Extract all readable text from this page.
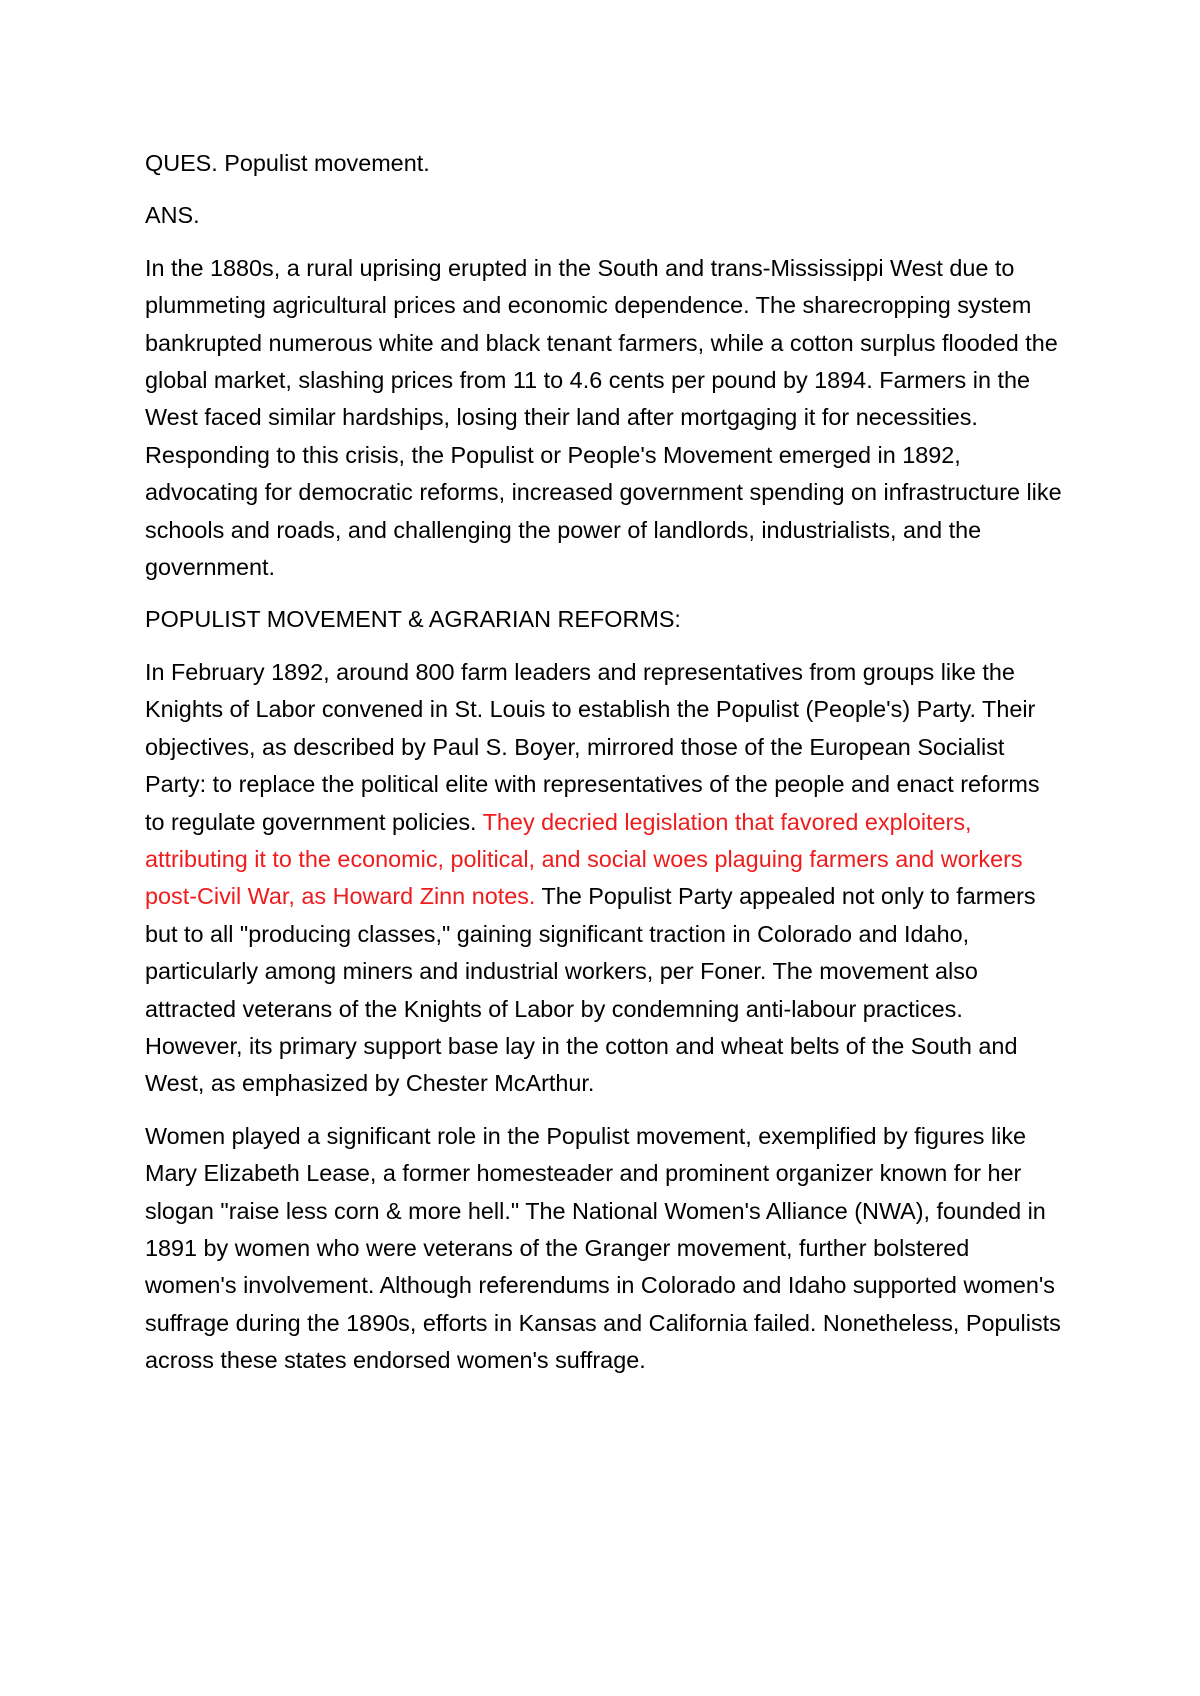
QUES. Populist movement.

ANS.

In the 1880s, a rural uprising erupted in the South and trans-Mississippi West due to plummeting agricultural prices and economic dependence. The sharecropping system bankrupted numerous white and black tenant farmers, while a cotton surplus flooded the global market, slashing prices from 11 to 4.6 cents per pound by 1894. Farmers in the West faced similar hardships, losing their land after mortgaging it for necessities. Responding to this crisis, the Populist or People's Movement emerged in 1892, advocating for democratic reforms, increased government spending on infrastructure like schools and roads, and challenging the power of landlords, industrialists, and the government.

POPULIST MOVEMENT & AGRARIAN REFORMS:

In February 1892, around 800 farm leaders and representatives from groups like the Knights of Labor convened in St. Louis to establish the Populist (People's) Party. Their objectives, as described by Paul S. Boyer, mirrored those of the European Socialist Party: to replace the political elite with representatives of the people and enact reforms to regulate government policies. They decried legislation that favored exploiters, attributing it to the economic, political, and social woes plaguing farmers and workers post-Civil War, as Howard Zinn notes. The Populist Party appealed not only to farmers but to all "producing classes," gaining significant traction in Colorado and Idaho, particularly among miners and industrial workers, per Foner. The movement also attracted veterans of the Knights of Labor by condemning anti-labour practices. However, its primary support base lay in the cotton and wheat belts of the South and West, as emphasized by Chester McArthur.

Women played a significant role in the Populist movement, exemplified by figures like Mary Elizabeth Lease, a former homesteader and prominent organizer known for her slogan "raise less corn & more hell." The National Women's Alliance (NWA), founded in 1891 by women who were veterans of the Granger movement, further bolstered women's involvement. Although referendums in Colorado and Idaho supported women's suffrage during the 1890s, efforts in Kansas and California failed. Nonetheless, Populists across these states endorsed women's suffrage.
